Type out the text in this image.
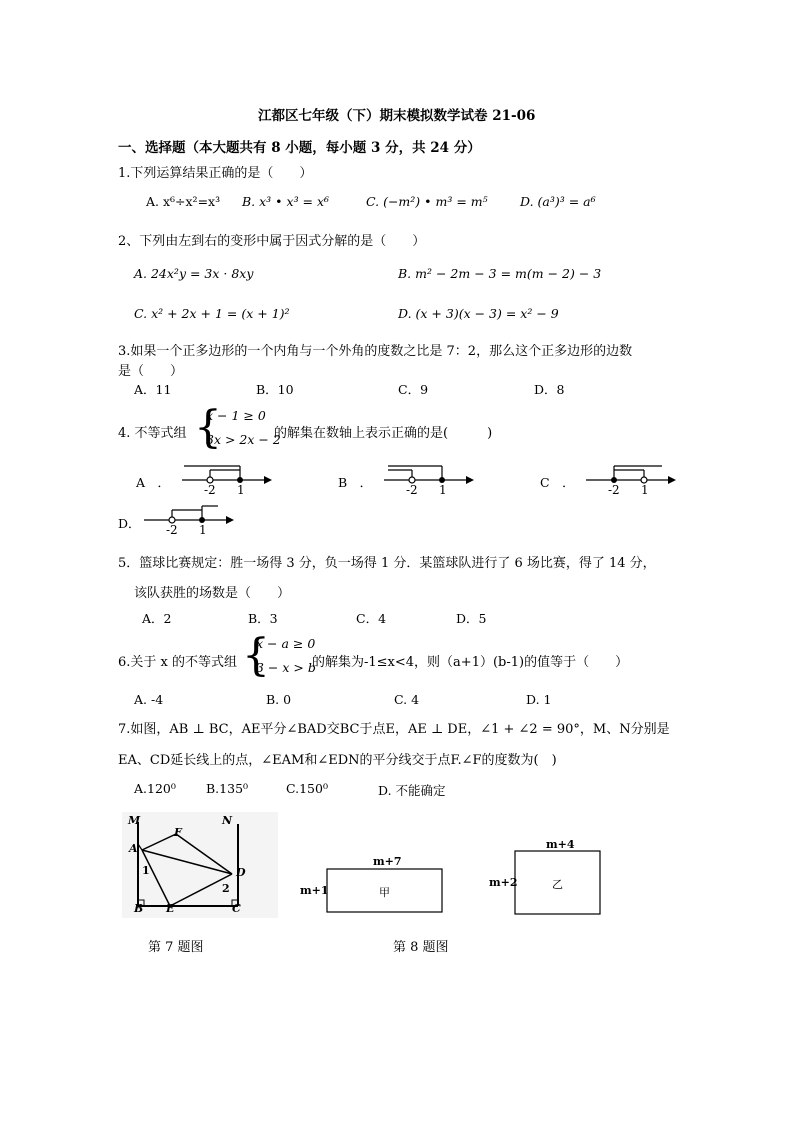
江都区七年级（下）期末模拟数学试卷 21-06
一、选择题（本大题共有 8 小题，每小题 3 分，共 24 分）
1.下列运算结果正确的是（　　）
A. x⁶÷x²=x³ B. x³ • x³ = x⁶	C. (−m²) • m³ = m⁵	D. (a³)³ = a⁶
2、下列由左到右的变形中属于因式分解的是（　　）
A. 24x²y = 3x · 8xy	B. m² − 2m − 3 = m(m − 2) − 3
C. x² + 2x + 1 = (x + 1)²	D. (x + 3)(x − 3) = x² − 9
3.如果一个正多边形的一个内角与一个外角的度数之比是 7：2，那么这个正多边形的边数
是（　　）
A．11	B．10	C．9	D．8
4. 不等式组 {
x − 1 ≥ 0
3x > 2x − 2
的解集在数轴上表示正确的是(　　　)
A　．	B　．	C　．
D．
-2 1	-2 1	-2 1
-2 1
5．篮球比赛规定：胜一场得 3 分，负一场得 1 分．某篮球队进行了 6 场比赛，得了 14 分，
该队获胜的场数是（　　）
A．2	B．3	C．4	D．5
6.关于 x 的不等式组 {
x − a ≥ 0
3 − x > b
的解集为-1≤x<4，则（a+1）(b-1)的值等于（　　）
A. -4	B. 0	C. 4	D. 1
7.如图，AB ⊥ BC，AE平分∠BAD交BC于点E，AE ⊥ DE，∠1 + ∠2 = 90°，M、N分别是
EA、CD延长线上的点，∠EAM和∠EDN的平分线交于点F.∠F的度数为(　)
A.120⁰ B.135⁰	C.150⁰	D. 不能确定
M	N
F
A
1	D
2
B E	C
第 7 题图
m+7
m+1	甲
m+4
m+2	乙
第 8 题图
